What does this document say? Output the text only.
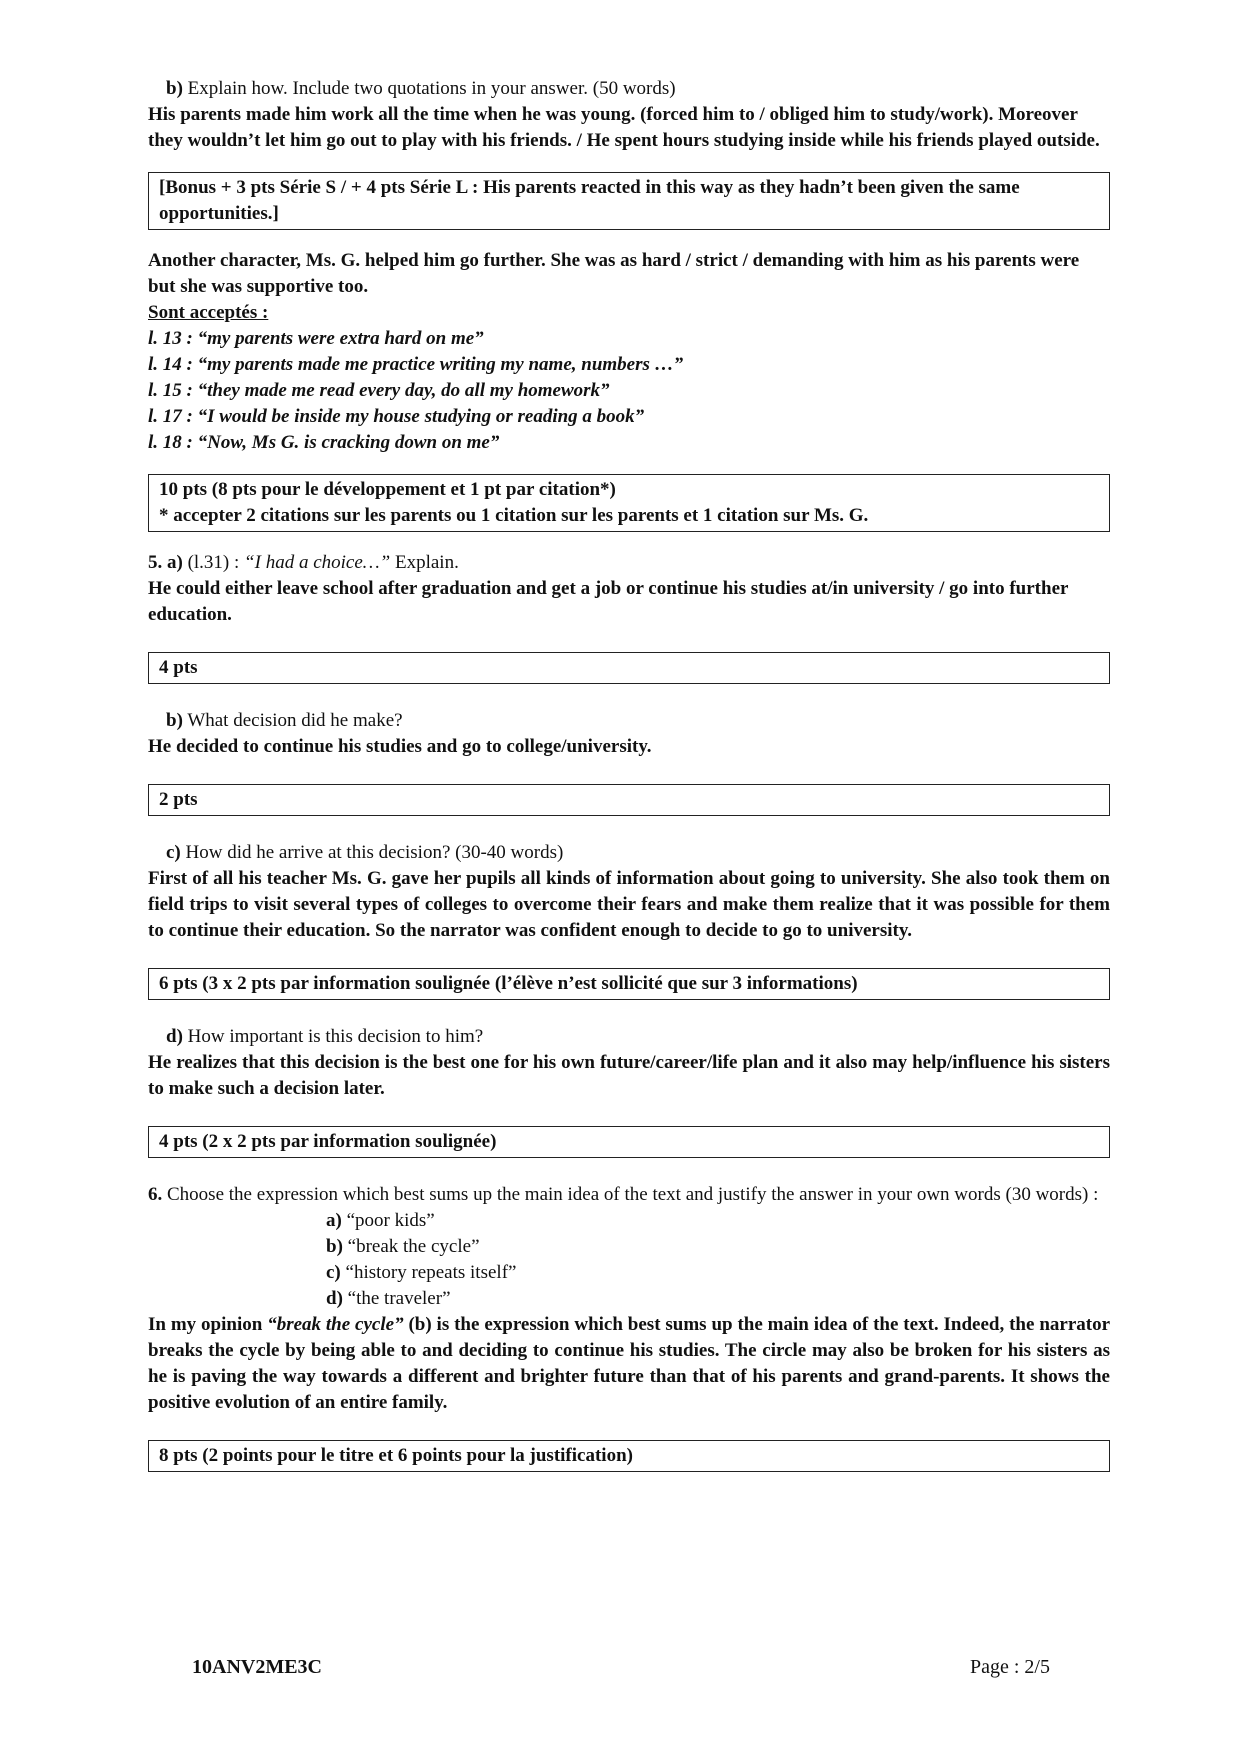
b) Explain how. Include two quotations in your answer. (50 words)

His parents made him work all the time when he was young. (forced him to / obliged him to study/work). Moreover they wouldn’t let him go out to play with his friends. / He spent hours studying inside while his friends played outside.

[Bonus + 3 pts Série S / + 4 pts Série L : His parents reacted in this way as they hadn’t been given the same opportunities.]

Another character, Ms. G. helped him go further. She was as hard / strict / demanding with him as his parents were but she was supportive too.

Sont acceptés :

l. 13 : “my parents were extra hard on me”

l. 14 : “my parents made me practice writing my name, numbers …”

l. 15 : “they made me read every day, do all my homework”

l. 17 : “I would be inside my house studying or reading a book”

l. 18 : “Now, Ms G. is cracking down on me”

10 pts (8 pts pour le développement et 1 pt par citation*)
* accepter 2 citations sur les parents ou 1 citation sur les parents et 1 citation sur Ms. G.

5. a) (l.31) : “I had a choice…” Explain.

He could either leave school after graduation and get a job or continue his studies at/in university / go into further education.

4 pts

b) What decision did he make?

He decided to continue his studies and go to college/university.

2 pts

c) How did he arrive at this decision? (30-40 words)

First of all his teacher Ms. G. gave her pupils all kinds of information about going to university. She also took them on field trips to visit several types of colleges to overcome their fears and make them realize that it was possible for them to continue their education. So the narrator was confident enough to decide to go to university.

6 pts (3 x 2 pts par information soulignée (l’élève n’est sollicité que sur 3 informations)

d) How important is this decision to him?

He realizes that this decision is the best one for his own future/career/life plan and it also may help/influence his sisters to make such a decision later.

4 pts (2 x 2 pts par information soulignée)

6. Choose the expression which best sums up the main idea of the text and justify the answer in your own words (30 words) :

a) “poor kids”
b) “break the cycle”
c) “history repeats itself”
d) “the traveler”

In my opinion “break the cycle” (b) is the expression which best sums up the main idea of the text. Indeed, the narrator breaks the cycle by being able to and deciding to continue his studies. The circle may also be broken for his sisters as he is paving the way towards a different and brighter future than that of his parents and grand-parents. It shows the positive evolution of an entire family.

8 pts (2 points pour le titre et 6 points pour la justification)
10ANV2ME3C	Page : 2/5
